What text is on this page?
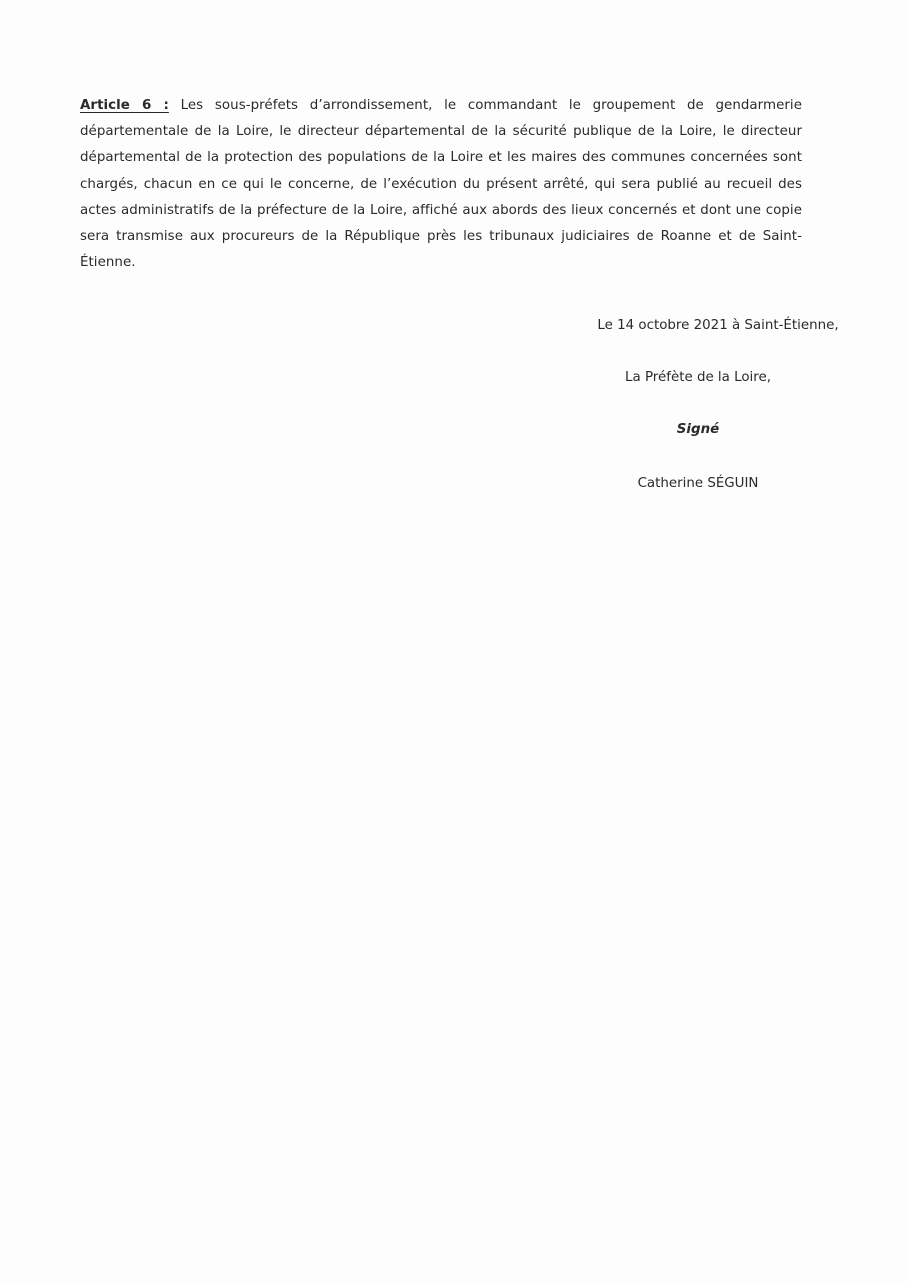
Article 6 : Les sous-préfets d’arrondissement, le commandant le groupement de gendarmerie départementale de la Loire, le directeur départemental de la sécurité publique de la Loire, le directeur départemental de la protection des populations de la Loire et les maires des communes concernées sont chargés, chacun en ce qui le concerne, de l’exécution du présent arrêté, qui sera publié au recueil des actes administratifs de la préfecture de la Loire, affiché aux abords des lieux concernés et dont une copie sera transmise aux procureurs de la République près les tribunaux judiciaires de Roanne et de Saint-Étienne.

Le 14 octobre 2021 à Saint-Étienne,
La Préfète de la Loire,
Signé
Catherine SÉGUIN
